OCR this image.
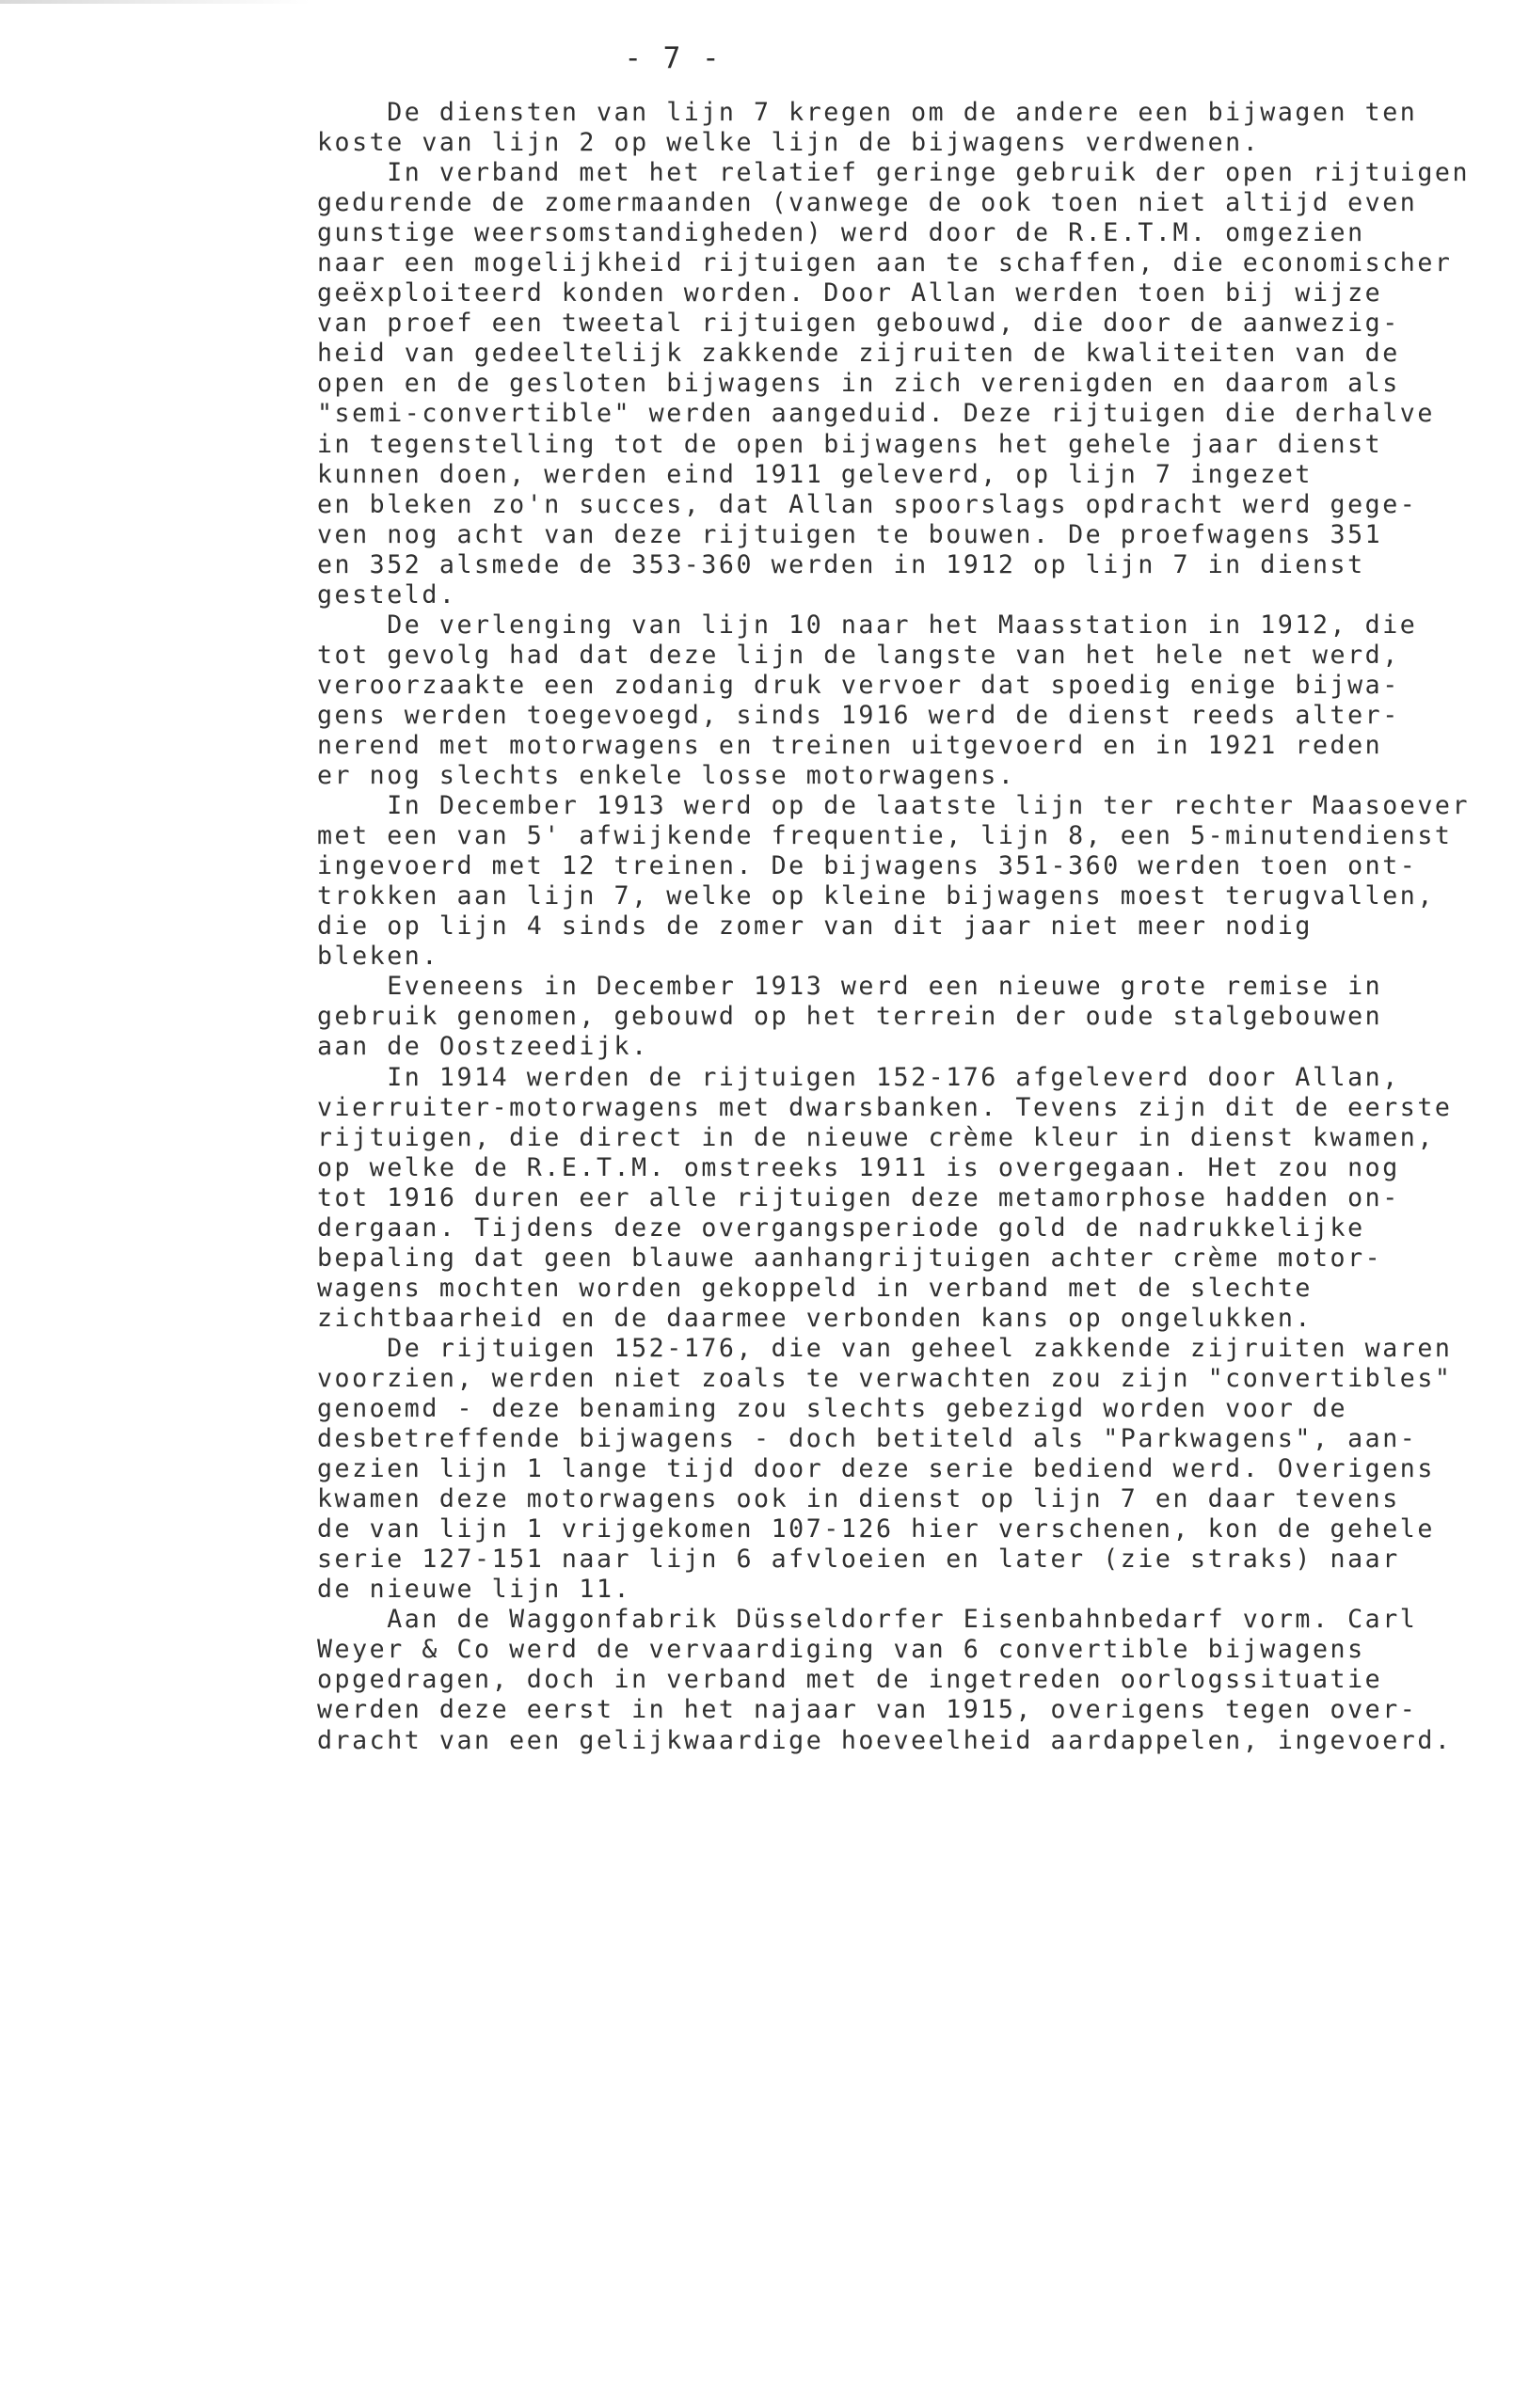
- 7 -
De diensten van lijn 7 kregen om de andere een bijwagen ten
koste van lijn 2 op welke lijn de bijwagens verdwenen.
In verband met het relatief geringe gebruik der open rijtuigen
gedurende de zomermaanden (vanwege de ook toen niet altijd even
gunstige weersomstandigheden) werd door de R.E.T.M. omgezien
naar een mogelijkheid rijtuigen aan te schaffen, die economischer
geëxploiteerd konden worden. Door Allan werden toen bij wijze
van proef een tweetal rijtuigen gebouwd, die door de aanwezig-
heid van gedeeltelijk zakkende zijruiten de kwaliteiten van de
open en de gesloten bijwagens in zich verenigden en daarom als
"semi-convertible" werden aangeduid. Deze rijtuigen die derhalve
in tegenstelling tot de open bijwagens het gehele jaar dienst
kunnen doen, werden eind 1911 geleverd, op lijn 7 ingezet
en bleken zo'n succes, dat Allan spoorslags opdracht werd gege-
ven nog acht van deze rijtuigen te bouwen. De proefwagens 351
en 352 alsmede de 353-360 werden in 1912 op lijn 7 in dienst
gesteld.
De verlenging van lijn 10 naar het Maasstation in 1912, die
tot gevolg had dat deze lijn de langste van het hele net werd,
veroorzaakte een zodanig druk vervoer dat spoedig enige bijwa-
gens werden toegevoegd, sinds 1916 werd de dienst reeds alter-
nerend met motorwagens en treinen uitgevoerd en in 1921 reden
er nog slechts enkele losse motorwagens.
In December 1913 werd op de laatste lijn ter rechter Maasoever
met een van 5' afwijkende frequentie, lijn 8, een 5-minutendienst
ingevoerd met 12 treinen. De bijwagens 351-360 werden toen ont-
trokken aan lijn 7, welke op kleine bijwagens moest terugvallen,
die op lijn 4 sinds de zomer van dit jaar niet meer nodig
bleken.
Eveneens in December 1913 werd een nieuwe grote remise in
gebruik genomen, gebouwd op het terrein der oude stalgebouwen
aan de Oostzeedijk.
In 1914 werden de rijtuigen 152-176 afgeleverd door Allan,
vierruiter-motorwagens met dwarsbanken. Tevens zijn dit de eerste
rijtuigen, die direct in de nieuwe crème kleur in dienst kwamen,
op welke de R.E.T.M. omstreeks 1911 is overgegaan. Het zou nog
tot 1916 duren eer alle rijtuigen deze metamorphose hadden on-
dergaan. Tijdens deze overgangsperiode gold de nadrukkelijke
bepaling dat geen blauwe aanhangrijtuigen achter crème motor-
wagens mochten worden gekoppeld in verband met de slechte
zichtbaarheid en de daarmee verbonden kans op ongelukken.
De rijtuigen 152-176, die van geheel zakkende zijruiten waren
voorzien, werden niet zoals te verwachten zou zijn "convertibles"
genoemd - deze benaming zou slechts gebezigd worden voor de
desbetreffende bijwagens - doch betiteld als "Parkwagens", aan-
gezien lijn 1 lange tijd door deze serie bediend werd. Overigens
kwamen deze motorwagens ook in dienst op lijn 7 en daar tevens
de van lijn 1 vrijgekomen 107-126 hier verschenen, kon de gehele
serie 127-151 naar lijn 6 afvloeien en later (zie straks) naar
de nieuwe lijn 11.
Aan de Waggonfabrik Düsseldorfer Eisenbahnbedarf vorm. Carl
Weyer & Co werd de vervaardiging van 6 convertible bijwagens
opgedragen, doch in verband met de ingetreden oorlogssituatie
werden deze eerst in het najaar van 1915, overigens tegen over-
dracht van een gelijkwaardige hoeveelheid aardappelen, ingevoerd.
